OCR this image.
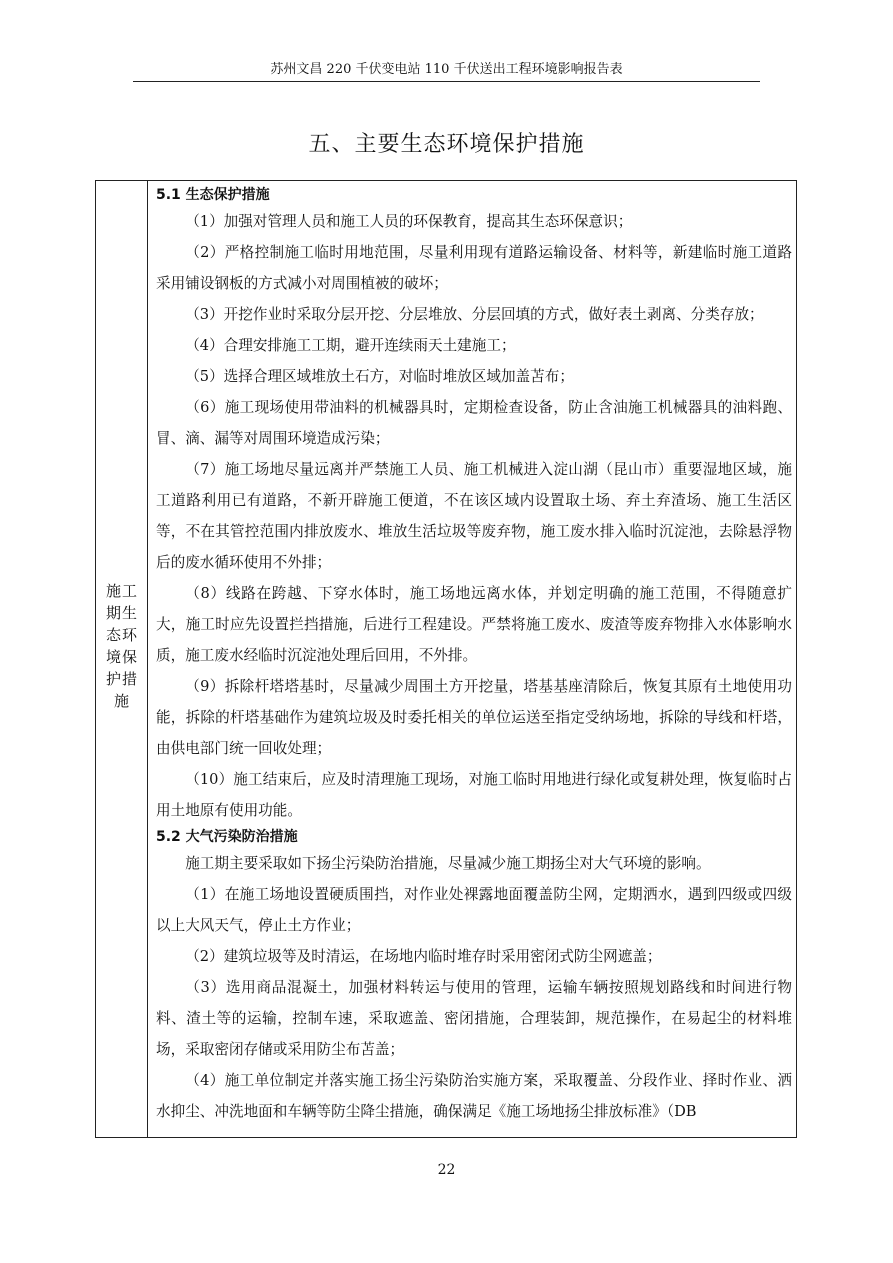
苏州文昌 220 千伏变电站 110 千伏送出工程环境影响报告表
五、主要生态环境保护措施
施工期生态环境保护措施

5.1 生态保护措施

（1）加强对管理人员和施工人员的环保教育，提高其生态环保意识；

（2）严格控制施工临时用地范围，尽量利用现有道路运输设备、材料等，新建临时施工道路采用铺设钢板的方式减小对周围植被的破坏；

（3）开挖作业时采取分层开挖、分层堆放、分层回填的方式，做好表土剥离、分类存放；

（4）合理安排施工工期，避开连续雨天土建施工；

（5）选择合理区域堆放土石方，对临时堆放区域加盖苫布；

（6）施工现场使用带油料的机械器具时，定期检查设备，防止含油施工机械器具的油料跑、冒、滴、漏等对周围环境造成污染；

（7）施工场地尽量远离并严禁施工人员、施工机械进入淀山湖（昆山市）重要湿地区域，施工道路利用已有道路，不新开辟施工便道，不在该区域内设置取土场、弃土弃渣场、施工生活区等，不在其管控范围内排放废水、堆放生活垃圾等废弃物，施工废水排入临时沉淀池，去除悬浮物后的废水循环使用不外排；

（8）线路在跨越、下穿水体时，施工场地远离水体，并划定明确的施工范围，不得随意扩大，施工时应先设置拦挡措施，后进行工程建设。严禁将施工废水、废渣等废弃物排入水体影响水质，施工废水经临时沉淀池处理后回用，不外排。

（9）拆除杆塔塔基时，尽量减少周围土方开挖量，塔基基座清除后，恢复其原有土地使用功能，拆除的杆塔基础作为建筑垃圾及时委托相关的单位运送至指定受纳场地，拆除的导线和杆塔，由供电部门统一回收处理；

（10）施工结束后，应及时清理施工现场，对施工临时用地进行绿化或复耕处理，恢复临时占用土地原有使用功能。

5.2 大气污染防治措施

施工期主要采取如下扬尘污染防治措施，尽量减少施工期扬尘对大气环境的影响。

（1）在施工场地设置硬质围挡，对作业处裸露地面覆盖防尘网，定期洒水，遇到四级或四级以上大风天气，停止土方作业；

（2）建筑垃圾等及时清运，在场地内临时堆存时采用密闭式防尘网遮盖；

（3）选用商品混凝土，加强材料转运与使用的管理，运输车辆按照规划路线和时间进行物料、渣土等的运输，控制车速，采取遮盖、密闭措施，合理装卸，规范操作，在易起尘的材料堆场，采取密闭存储或采用防尘布苫盖；

（4）施工单位制定并落实施工扬尘污染防治实施方案，采取覆盖、分段作业、择时作业、洒水抑尘、冲洗地面和车辆等防尘降尘措施，确保满足《施工场地扬尘排放标准》（DB

22
